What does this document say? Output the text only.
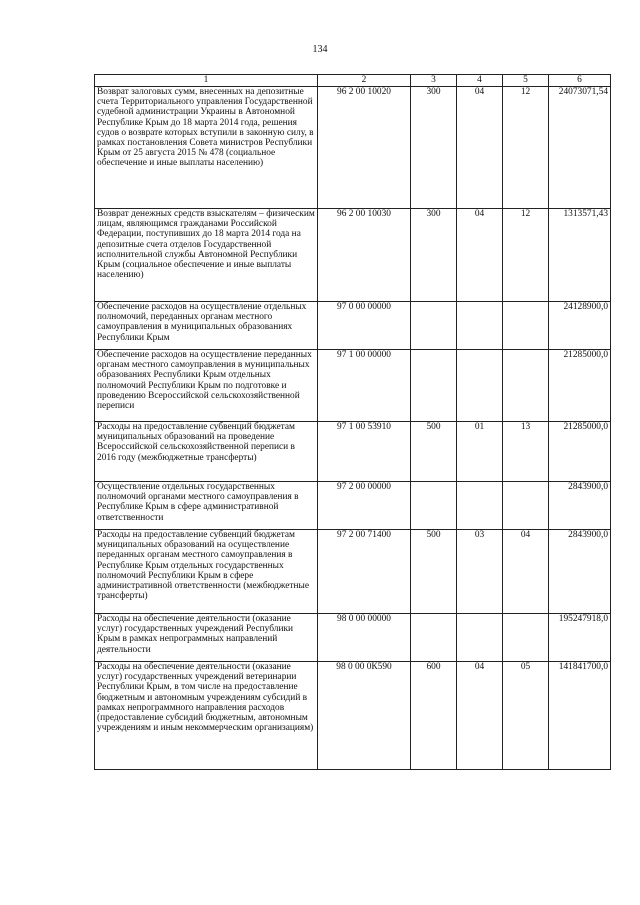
134
1	2	3	4	5	6
Возврат залоговых сумм, внесенных на депозитные счета Территориального управления Государственной судебной администрации Украины в Автономной Республике Крым до 18 марта 2014 года, решения судов о возврате которых вступили в законную силу, в рамках постановления Совета министров Республики Крым от 25 августа 2015 № 478 (социальное обеспечение и иные выплаты населению)	96 2 00 10020	300	04	12	24073071,54
Возврат денежных средств взыскателям – физическим лицам, являющимся гражданами Российской Федерации, поступивших до 18 марта 2014 года на депозитные счета отделов Государственной исполнительной службы Автономной Республики Крым (социальное обеспечение и иные выплаты населению)	96 2 00 10030	300	04	12	1313571,43
Обеспечение расходов на осуществление отдельных полномочий, переданных органам местного самоуправления в муниципальных образованиях Республики Крым	97 0 00 00000				24128900,0
Обеспечение расходов на осуществление переданных органам местного самоуправления в муниципальных образованиях Республики Крым отдельных полномочий Республики Крым по подготовке и проведению Всероссийской сельскохозяйственной переписи	97 1 00 00000				21285000,0
Расходы на предоставление субвенций бюджетам муниципальных образований на проведение Всероссийской сельскохозяйственной переписи в 2016 году (межбюджетные трансферты)	97 1 00 53910	500	01	13	21285000,0
Осуществление отдельных государственных полномочий органами местного самоуправления в Республике Крым в сфере административной ответственности	97 2 00 00000				2843900,0
Расходы на предоставление субвенций бюджетам муниципальных образований на осуществление переданных органам местного самоуправления в Республике Крым отдельных государственных полномочий Республики Крым в сфере административной ответственности (межбюджетные трансферты)	97 2 00 71400	500	03	04	2843900,0
Расходы на обеспечение деятельности (оказание услуг) государственных учреждений Республики Крым в рамках непрограммных направлений деятельности	98 0 00 00000				195247918,0
Расходы на обеспечение деятельности (оказание услуг) государственных учреждений ветеринарии Республики Крым, в том числе на предоставление бюджетным и автономным учреждениям субсидий в рамках непрограммного направления расходов (предоставление субсидий бюджетным, автономным учреждениям и иным некоммерческим организациям)	98 0 00 0К590	600	04	05	141841700,0
